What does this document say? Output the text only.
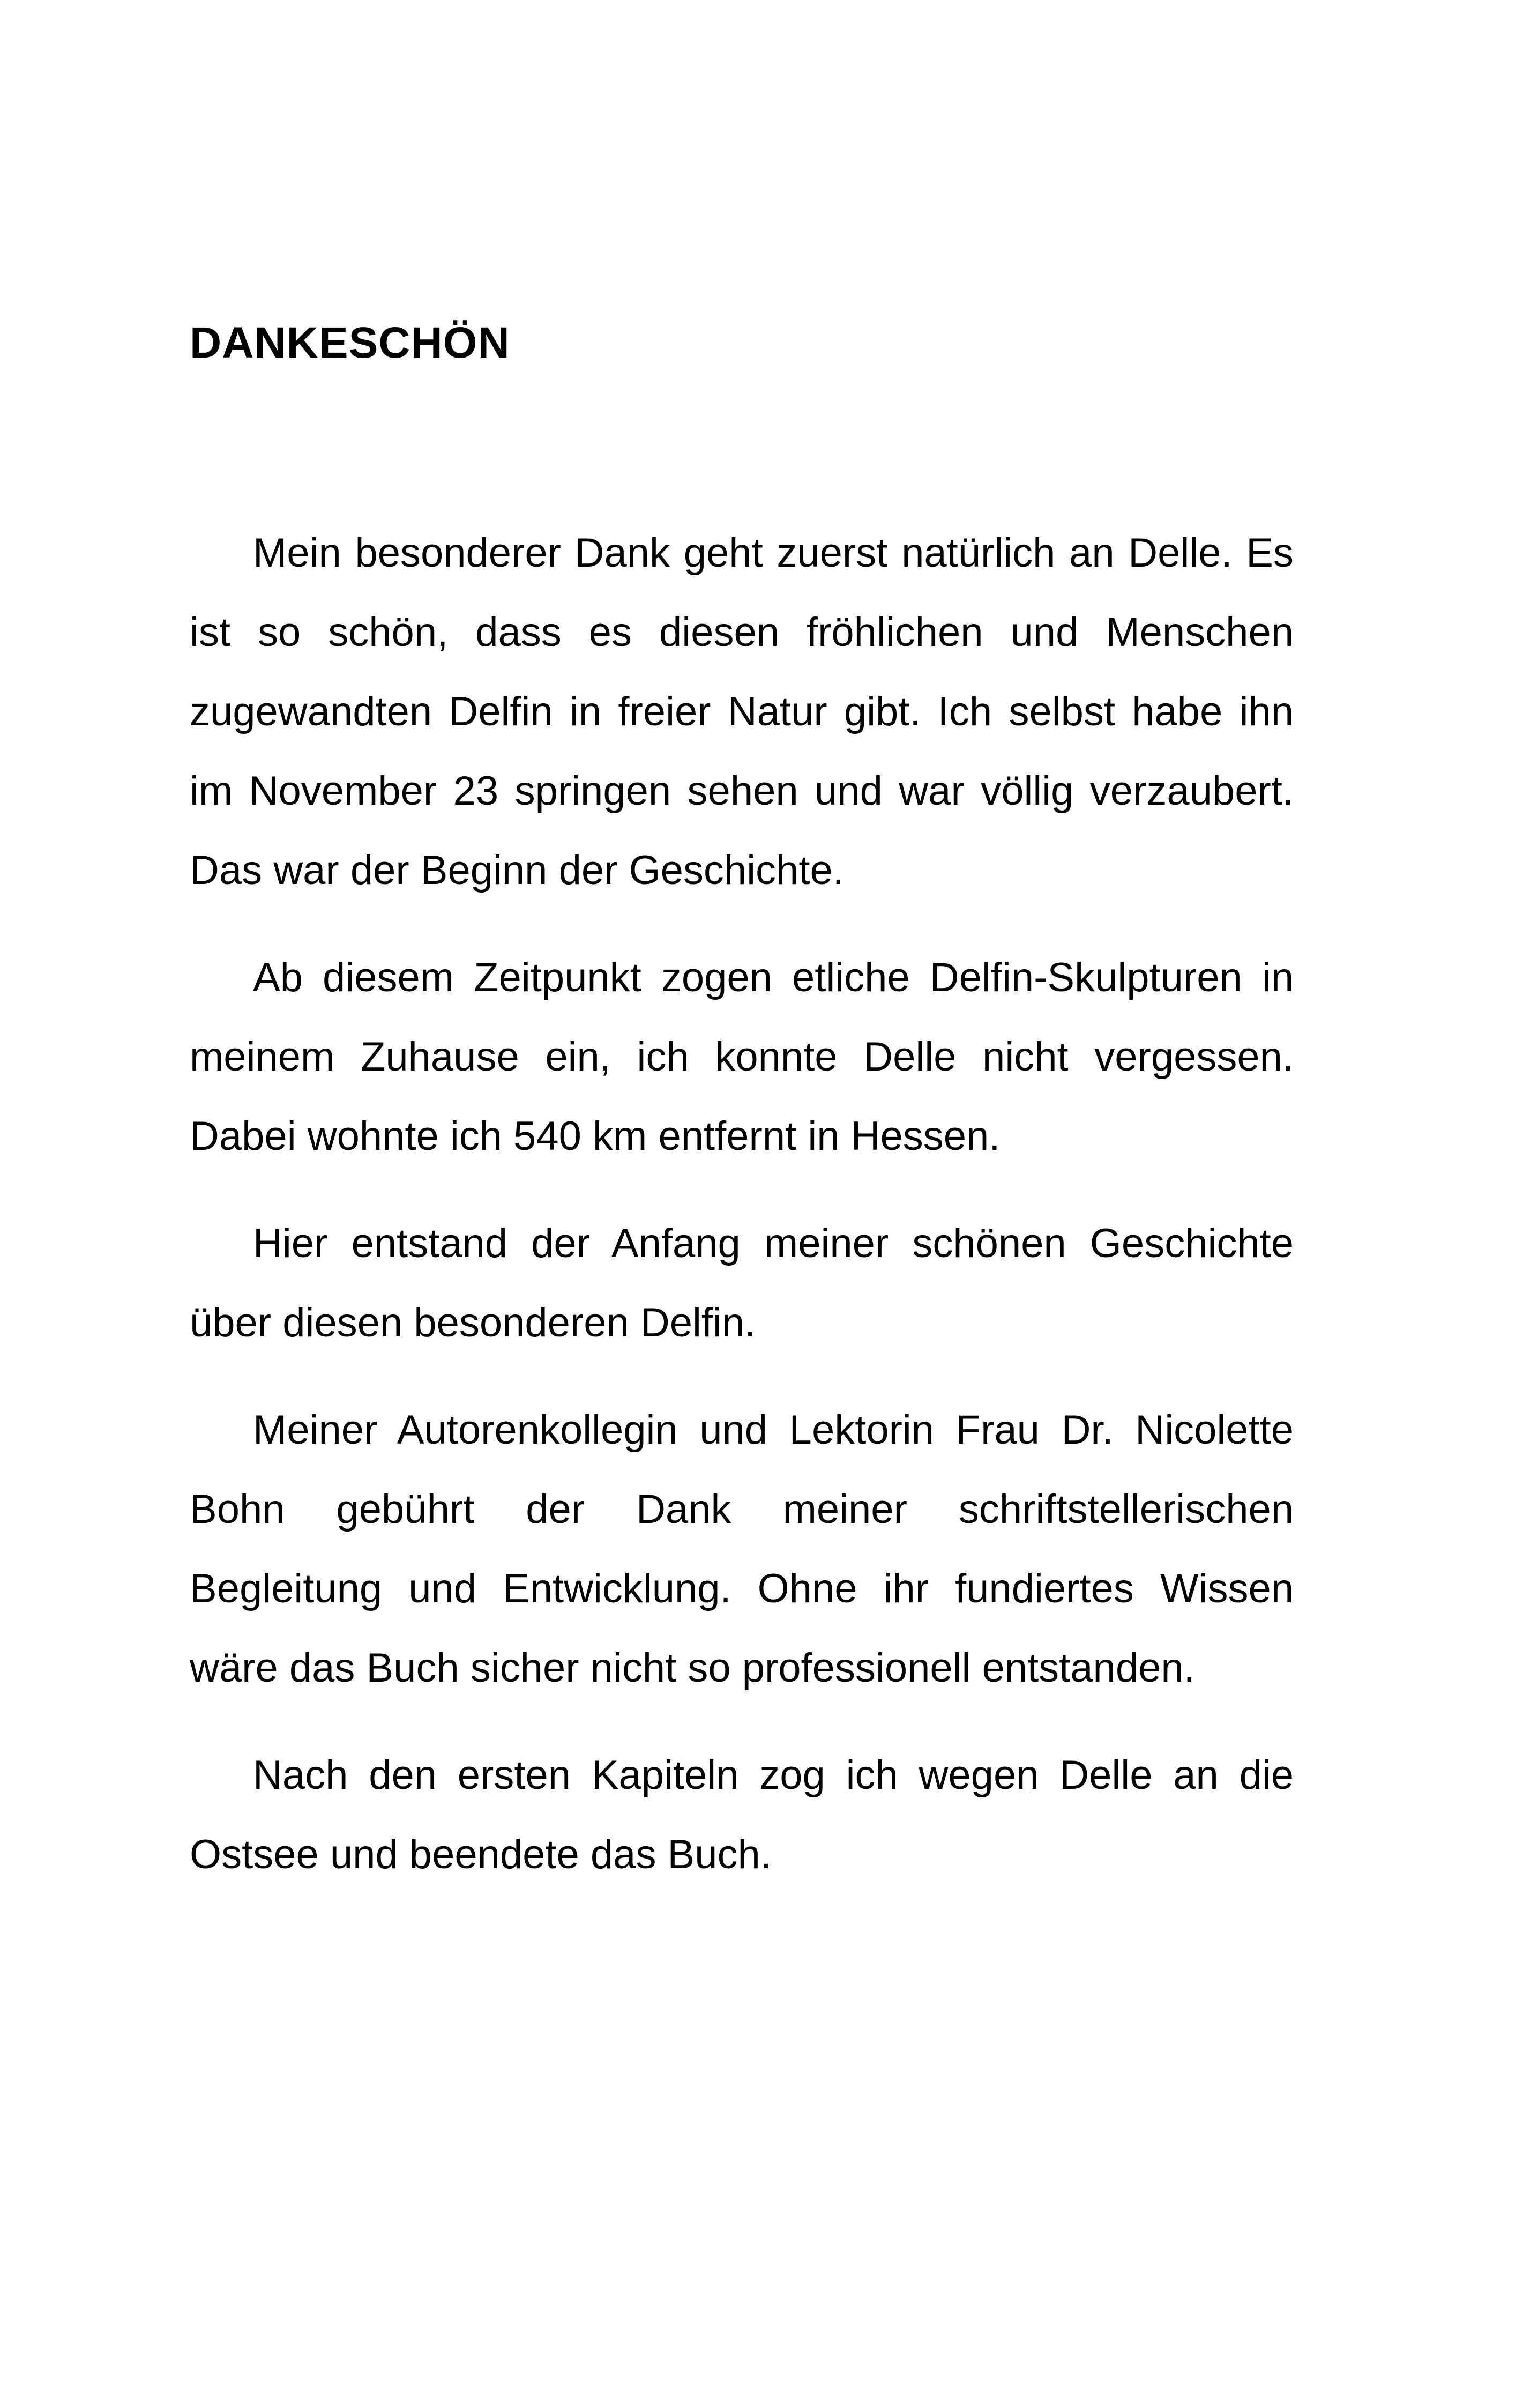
DANKESCHÖN

Mein besonderer Dank geht zuerst natürlich an Delle. Es ist so schön, dass es diesen fröhlichen und Menschen zugewandten Delfin in freier Natur gibt. Ich selbst habe ihn im November 23 springen sehen und war völlig verzaubert. Das war der Beginn der Geschichte.

Ab diesem Zeitpunkt zogen etliche Delfin-Skulpturen in meinem Zuhause ein, ich konnte Delle nicht vergessen. Dabei wohnte ich 540 km entfernt in Hessen.

Hier entstand der Anfang meiner schönen Geschichte über diesen besonderen Delfin.

Meiner Autorenkollegin und Lektorin Frau Dr. Nicolette Bohn gebührt der Dank meiner schriftstellerischen Begleitung und Entwicklung. Ohne ihr fundiertes Wissen wäre das Buch sicher nicht so professionell entstanden.

Nach den ersten Kapiteln zog ich wegen Delle an die Ostsee und beendete das Buch.
